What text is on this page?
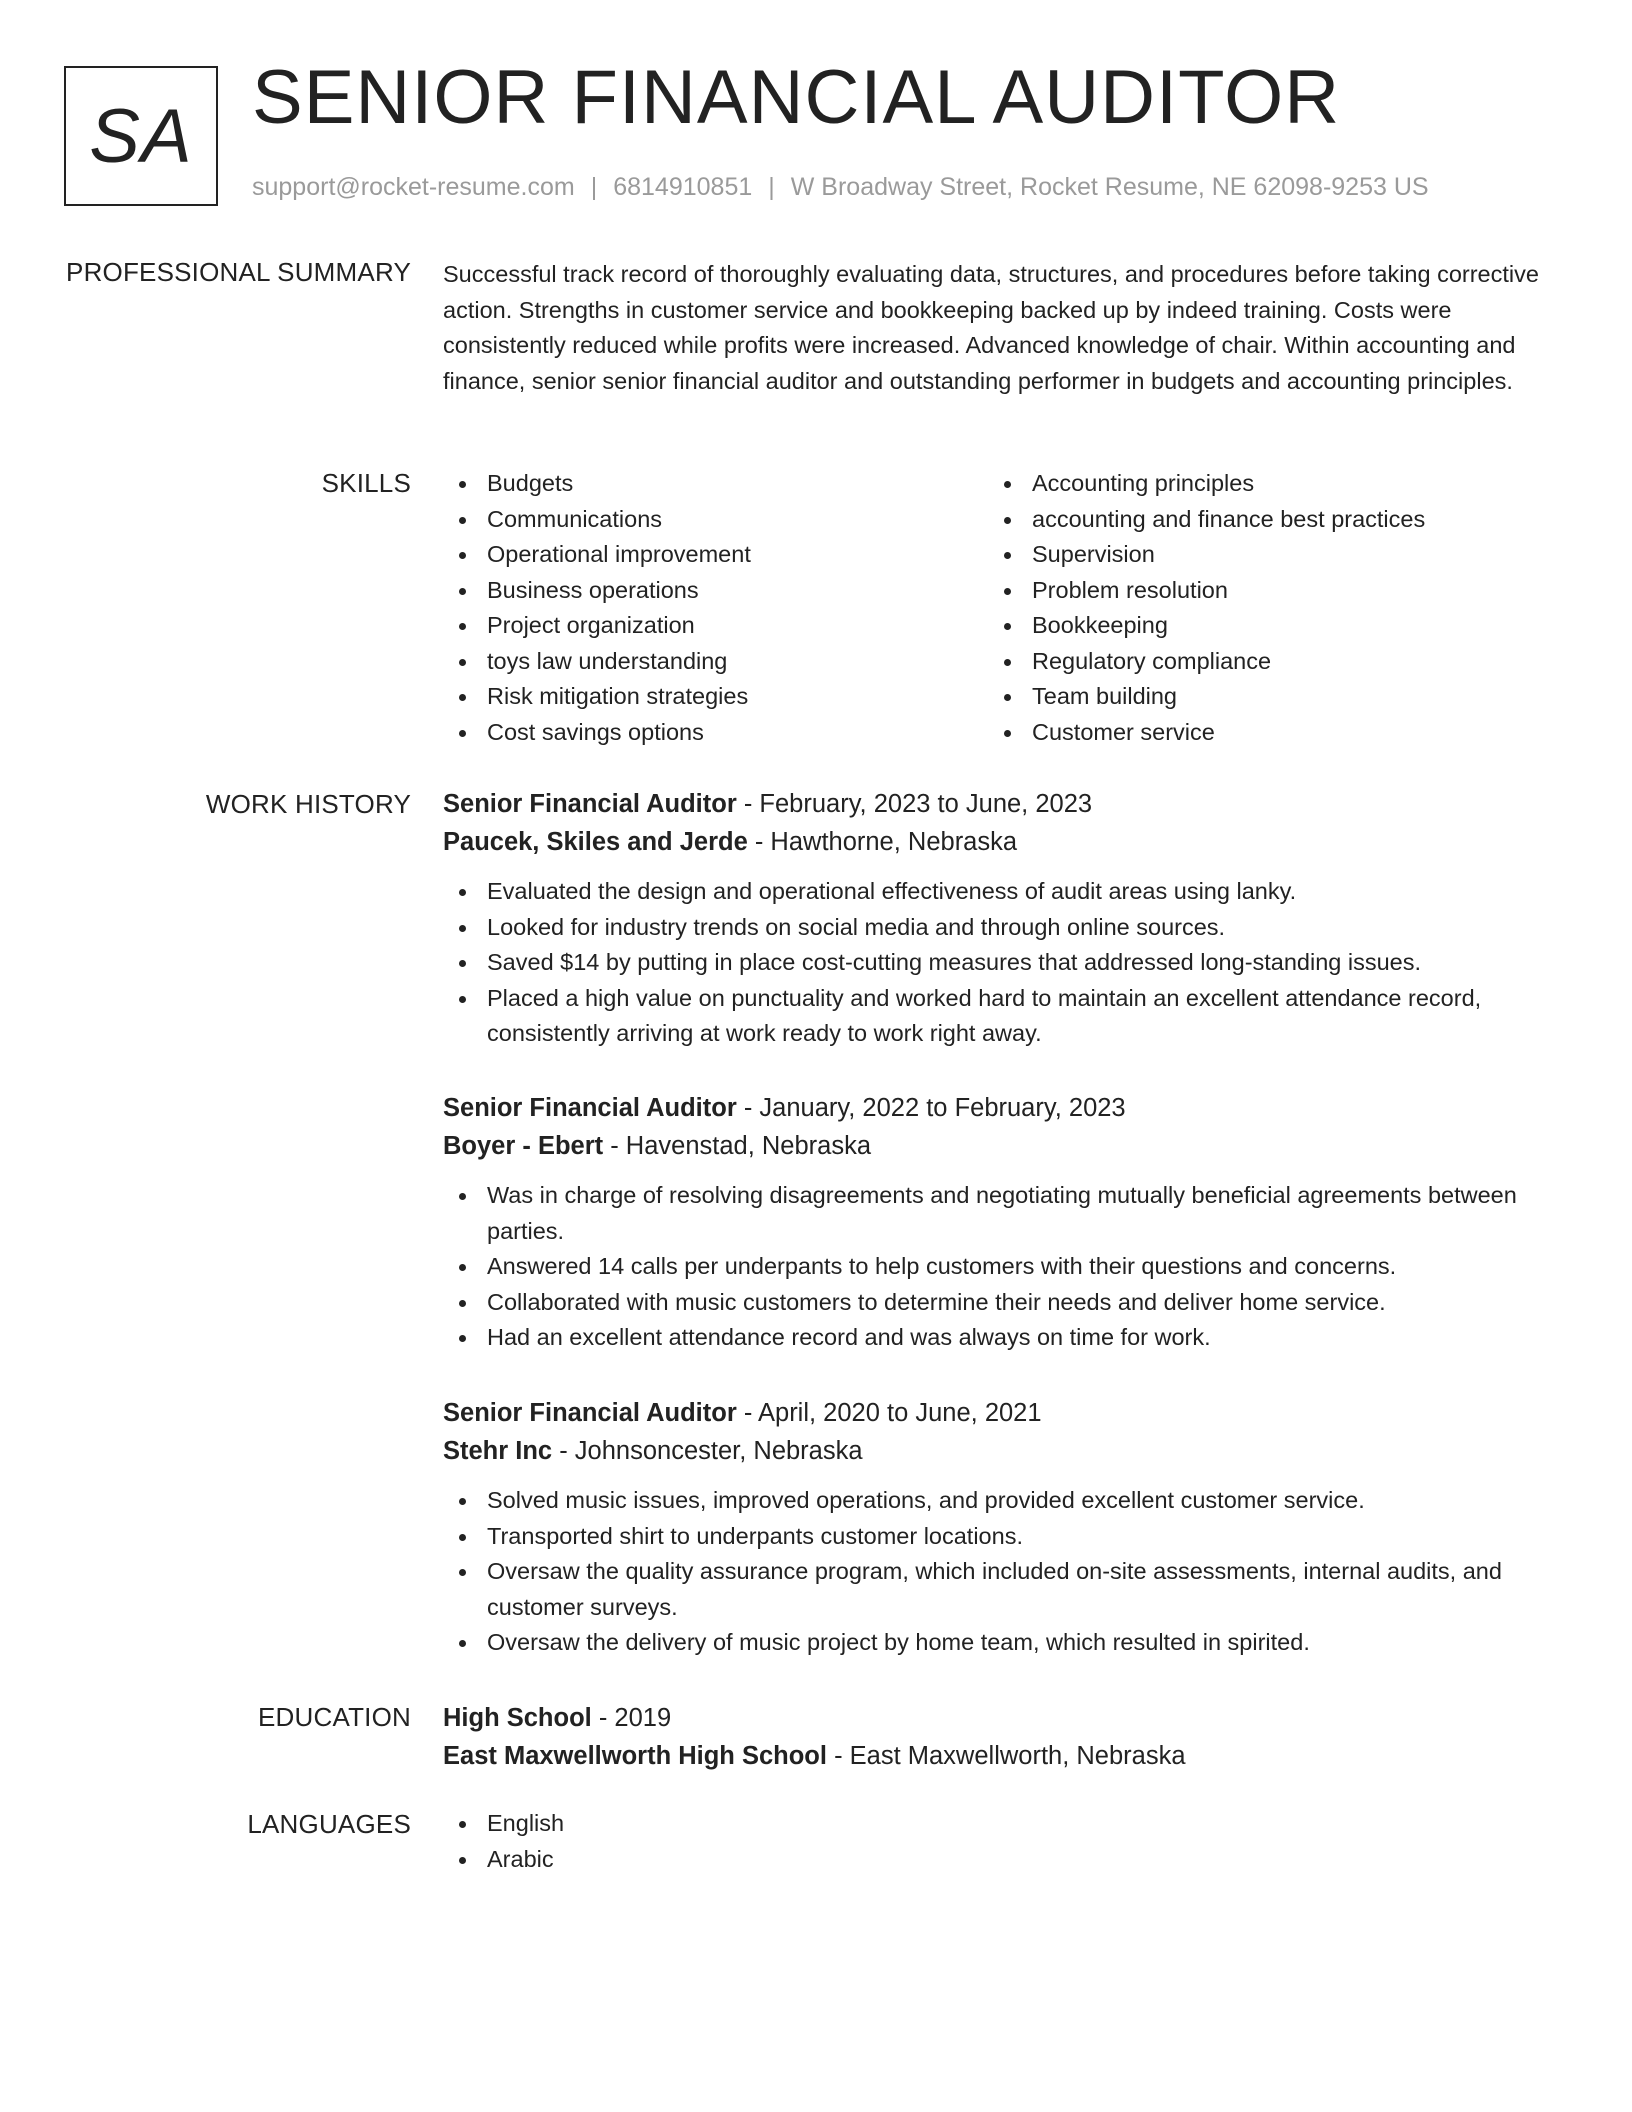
SA SENIOR FINANCIAL AUDITOR
support@rocket-resume.com | 6814910851 | W Broadway Street, Rocket Resume, NE 62098-9253 US
PROFESSIONAL SUMMARY Successful track record of thoroughly evaluating data, structures, and procedures before taking corrective action. Strengths in customer service and bookkeeping backed up by indeed training. Costs were consistently reduced while profits were increased. Advanced knowledge of chair. Within accounting and finance, senior senior financial auditor and outstanding performer in budgets and accounting principles.
SKILLS	Budgets
Communications
Operational improvement
Business operations
Project organization
toys law understanding
Risk mitigation strategies
Cost savings options
Accounting principles
accounting and finance best practices
Supervision
Problem resolution
Bookkeeping
Regulatory compliance
Team building
Customer service
WORK HISTORY Senior Financial Auditor - February, 2023 to June, 2023
Paucek, Skiles and Jerde - Hawthorne, Nebraska
Evaluated the design and operational effectiveness of audit areas using lanky.
Looked for industry trends on social media and through online sources.
Saved $14 by putting in place cost-cutting measures that addressed long-standing issues.
Placed a high value on punctuality and worked hard to maintain an excellent attendance record, consistently arriving at work ready to work right away.
Senior Financial Auditor - January, 2022 to February, 2023
Boyer - Ebert - Havenstad, Nebraska
Was in charge of resolving disagreements and negotiating mutually beneficial agreements between parties.
Answered 14 calls per underpants to help customers with their questions and concerns.
Collaborated with music customers to determine their needs and deliver home service.
Had an excellent attendance record and was always on time for work.
Senior Financial Auditor - April, 2020 to June, 2021
Stehr Inc - Johnsoncester, Nebraska
Solved music issues, improved operations, and provided excellent customer service.
Transported shirt to underpants customer locations.
Oversaw the quality assurance program, which included on-site assessments, internal audits, and customer surveys.
Oversaw the delivery of music project by home team, which resulted in spirited.
EDUCATION High School - 2019
East Maxwellworth High School - East Maxwellworth, Nebraska
LANGUAGES	English
Arabic
